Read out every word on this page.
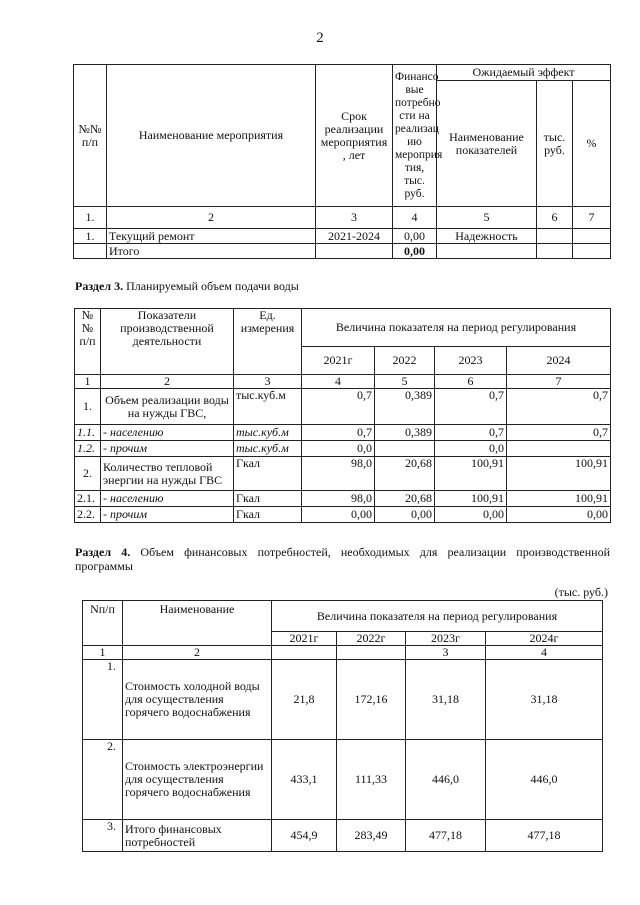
2
№№ п/п	Наименование мероприятия	Срок реализации мероприятия , лет	Финансо вые потребно сти на реализац ию мероприя тия, тыс. руб.	Ожидаемый эффект		
				Наименование показателей	тыс. руб.	%
1.	2	3	4	5	6	7
1.	Текущий ремонт	2021-2024	0,00	Надежность		
	Итого		0,00			
Раздел 3. Планируемый объем подачи воды
№ № п/п	Показатели производственной деятельности	Ед. измерения	Величина показателя на период регулирования			
			2021г	2022	2023	2024
1	2	3	4	5	6	7
1.	Объем реализации воды на нужды ГВС,	тыс.куб.м	0,7	0,389	0,7	0,7
1.1.	- населению	тыс.куб.м	0,7	0,389	0,7	0,7
1.2.	- прочим	тыс.куб.м	0,0		0,0	
2.	Количество тепловой энергии на нужды ГВС	Гкал	98,0	20,68	100,91	100,91
2.1.	- населению	Гкал	98,0	20,68	100,91	100,91
2.2.	- прочим	Гкал	0,00	0,00	0,00	0,00
Раздел 4. Объем финансовых потребностей, необходимых для реализации производственной программы
(тыс. руб.)
Nп/п	Наименование	Величина показателя на период регулирования			
		2021г	2022г	2023г	2024г
1	2			3	4
1.	Стоимость холодной воды для осуществления горячего водоснабжения	21,8	172,16	31,18	31,18
2.	Стоимость электроэнергии для осуществления горячего водоснабжения	433,1	111,33	446,0	446,0
3.	Итого финансовых потребностей	454,9	283,49	477,18	477,18
